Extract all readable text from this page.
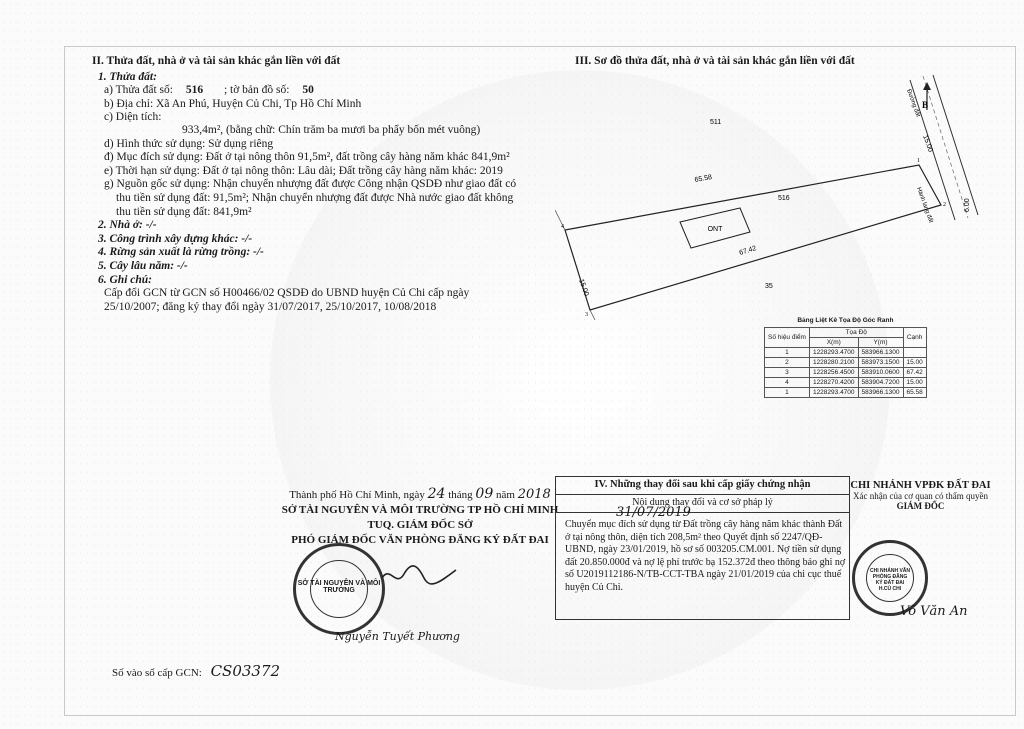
II. Thửa đất, nhà ở và tài sản khác gắn liền với đất
1. Thửa đất:
a) Thửa đất số: 516 ; tờ bản đồ số: 50
b) Địa chỉ: Xã An Phú, Huyện Củ Chi, Tp Hồ Chí Minh
c) Diện tích:
933,4m², (bằng chữ: Chín trăm ba mươi ba phẩy bốn mét vuông)
d) Hình thức sử dụng: Sử dụng riêng
đ) Mục đích sử dụng: Đất ở tại nông thôn 91,5m², đất trồng cây hàng năm khác 841,9m²
e) Thời hạn sử dụng: Đất ở tại nông thôn: Lâu dài; Đất trồng cây hàng năm khác: 2019
g) Nguồn gốc sử dụng: Nhận chuyển nhượng đất được Công nhận QSDĐ như giao đất có
thu tiền sử dụng đất: 91,5m²; Nhận chuyển nhượng đất được Nhà nước giao đất không
thu tiền sử dụng đất: 841,9m²
2. Nhà ở: -/-
3. Công trình xây dựng khác: -/-
4. Rừng sản xuất là rừng trồng: -/-
5. Cây lâu năm: -/-
6. Ghi chú:
Cấp đổi GCN từ GCN số H00466/02 QSDĐ do UBND huyện Củ Chi cấp ngày
25/10/2007; đăng ký thay đổi ngày 31/07/2017, 25/10/2017, 10/08/2018
III. Sơ đồ thửa đất, nhà ở và tài sản khác gắn liền với đất
ONT
511
516
35
65.58
67.42
15.00
15.00
6.00
Đường đất
Hành lang đất
1
2
3
4
B
Bảng Liệt Kê Tọa Độ Góc Ranh
Số hiệu điểm	Tọa Độ		Cạnh
	X(m)	Y(m)	
1	1228293.4700	583966.1300	
2	1228280.2100	583973.1500	15.00
3	1228256.4500	583910.0600	67.42
4	1228270.4200	583904.7200	15.00
1	1228293.4700	583966.1300	65.58
Thành phố Hồ Chí Minh, ngày 24 tháng 09 năm 2018
SỞ TÀI NGUYÊN VÀ MÔI TRƯỜNG TP HỒ CHÍ MINH
TUQ. GIÁM ĐỐC SỞ
PHÓ GIÁM ĐỐC VĂN PHÒNG ĐĂNG KÝ ĐẤT ĐAI
SỞ TÀI NGUYÊN VÀ MÔI TRƯỜNG
Nguyễn Tuyết Phương
IV. Những thay đổi sau khi cấp giấy chứng nhận
Nội dung thay đổi và cơ sở pháp lý
31/07/2019
Chuyển mục đích sử dụng từ Đất trồng cây hàng năm khác thành Đất ở tại nông thôn, diện tích 208,5m² theo Quyết định số 2247/QĐ-UBND, ngày 23/01/2019, hồ sơ số 003205.CM.001. Nợ tiền sử dụng đất 20.850.000đ và nợ lệ phí trước bạ 152.372đ theo thông báo ghi nợ số U2019112186-N/TB-CCT-TBA ngày 21/01/2019 của chi cục thuế huyện Củ Chi.
CHI NHÁNH VPĐK ĐẤT ĐAI
Xác nhận của cơ quan có thẩm quyền
GIÁM ĐỐC
CHI NHÁNH VĂN PHÒNG ĐĂNG KÝ ĐẤT ĐAI H.CỦ CHI
Võ Văn An
Số vào sổ cấp GCN: CS03372
